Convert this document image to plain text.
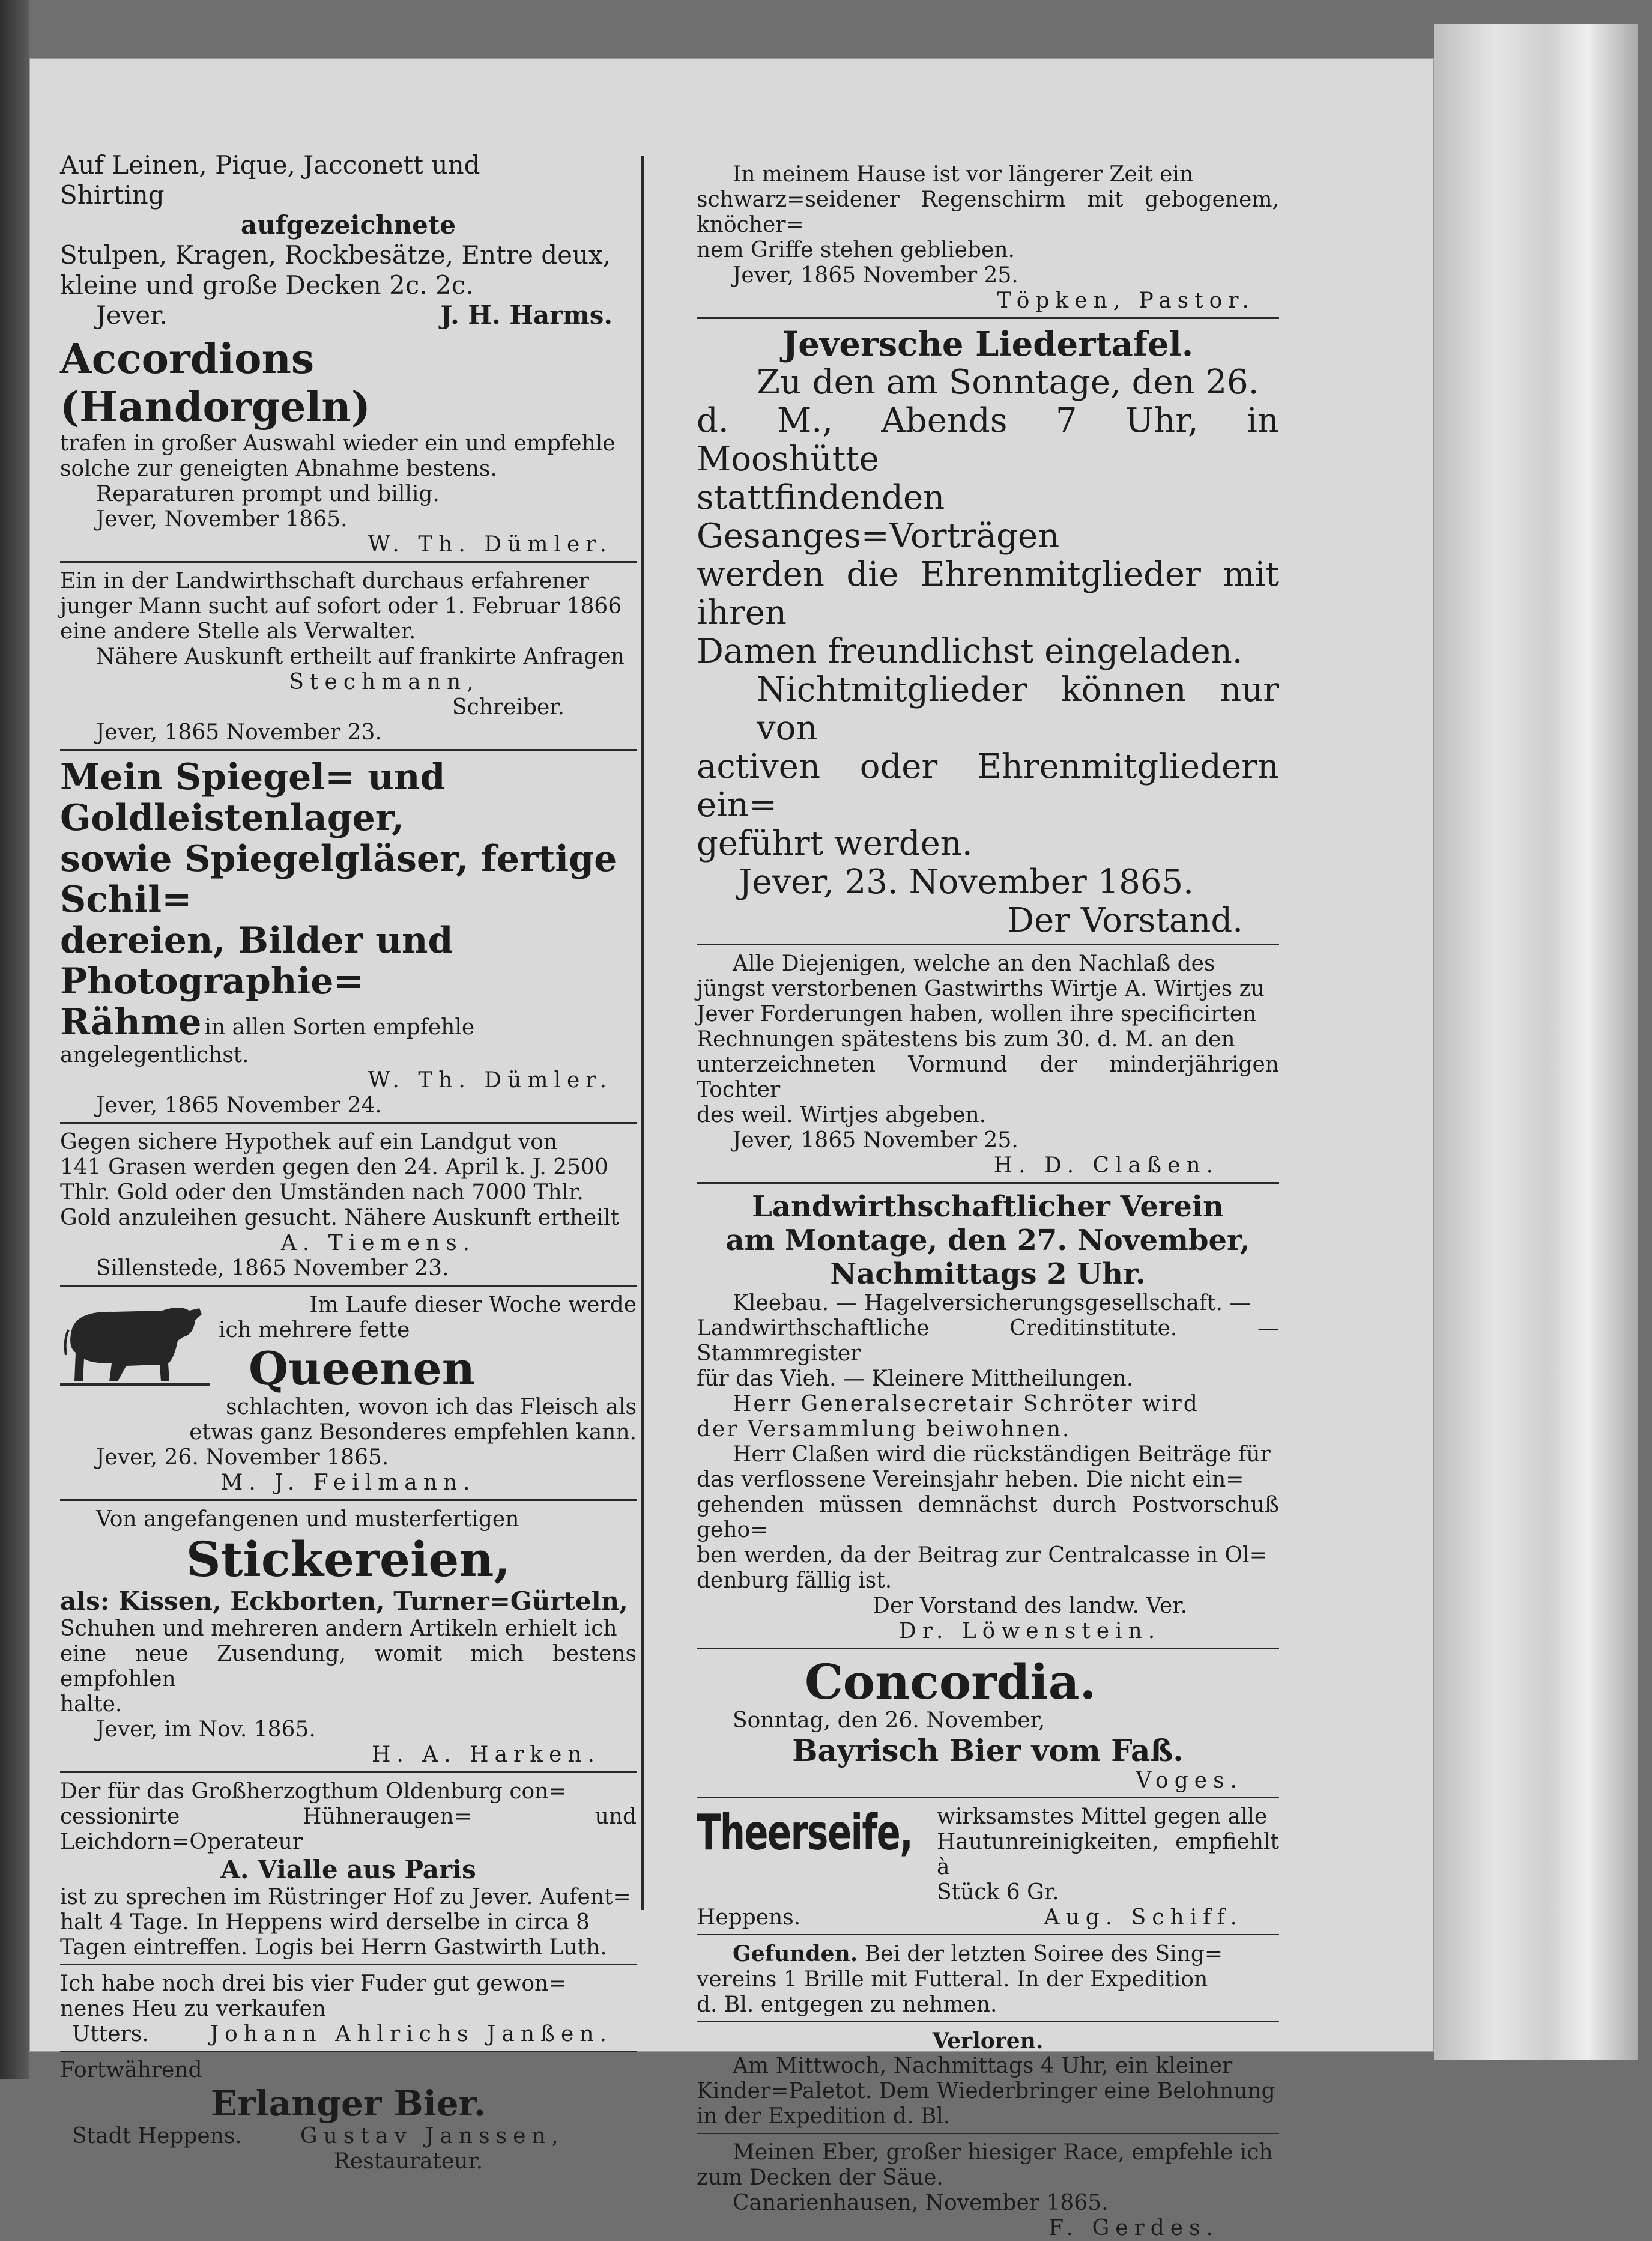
Auf Leinen, Pique, Jacconett und

Shirting

aufgezeichnete

Stulpen, Kragen, Rockbesätze, Entre deux,

kleine und große Decken 2c. 2c.

Jever.	J. H. Harms.

Accordions (Handorgeln)

trafen in großer Auswahl wieder ein und empfehle

solche zur geneigten Abnahme bestens.

Reparaturen prompt und billig.

Jever, November 1865.

W. Th. Dümler.

Ein in der Landwirthschaft durchaus erfahrener

junger Mann sucht auf sofort oder 1. Februar 1866

eine andere Stelle als Verwalter.

Nähere Auskunft ertheilt auf frankirte Anfragen

Stechmann,

Schreiber.

Jever, 1865 November 23.

Mein Spiegel= und Goldleistenlager,

sowie Spiegelgläser, fertige Schil=

dereien, Bilder und Photographie=

Rähme in allen Sorten empfehle angelegentlichst.

W. Th. Dümler.

Jever, 1865 November 24.

Gegen sichere Hypothek auf ein Landgut von

141 Grasen werden gegen den 24. April k. J. 2500

Thlr. Gold oder den Umständen nach 7000 Thlr.

Gold anzuleihen gesucht. Nähere Auskunft ertheilt

A. Tiemens.

Sillenstede, 1865 November 23.

Im Laufe dieser Woche werde

ich mehrere fette

Queenen

schlachten, wovon ich das Fleisch als

etwas ganz Besonderes empfehlen kann.

Jever, 26. November 1865.

M. J. Feilmann.

Von angefangenen und musterfertigen

Stickereien,

als: Kissen, Eckborten, Turner=Gürteln,

Schuhen und mehreren andern Artikeln erhielt ich

eine neue Zusendung, womit mich bestens empfohlen

halte.

Jever, im Nov. 1865.

H. A. Harken.

Der für das Großherzogthum Oldenburg con=

cessionirte Hühneraugen= und Leichdorn=Operateur

A. Vialle aus Paris

ist zu sprechen im Rüstringer Hof zu Jever. Aufent=

halt 4 Tage. In Heppens wird derselbe in circa 8

Tagen eintreffen. Logis bei Herrn Gastwirth Luth.

Ich habe noch drei bis vier Fuder gut gewon=

nenes Heu zu verkaufen

Utters.	Johann Ahlrichs Janßen.

Fortwährend

Erlanger Bier.

Stadt Heppens.	Gustav Janssen,

Restaurateur.

In meinem Hause ist vor längerer Zeit ein

schwarz=seidener Regenschirm mit gebogenem, knöcher=

nem Griffe stehen geblieben.

Jever, 1865 November 25.

Töpken, Pastor.

Jeversche Liedertafel.

Zu den am Sonntage, den 26.

d. M., Abends 7 Uhr, in Mooshütte

stattfindenden Gesanges=Vorträgen

werden die Ehrenmitglieder mit ihren

Damen freundlichst eingeladen.

Nichtmitglieder können nur von

activen oder Ehrenmitgliedern ein=

geführt werden.

Jever, 23. November 1865.

Der Vorstand.

Alle Diejenigen, welche an den Nachlaß des

jüngst verstorbenen Gastwirths Wirtje A. Wirtjes zu

Jever Forderungen haben, wollen ihre specificirten

Rechnungen spätestens bis zum 30. d. M. an den

unterzeichneten Vormund der minderjährigen Tochter

des weil. Wirtjes abgeben.

Jever, 1865 November 25.

H. D. Claßen.

Landwirthschaftlicher Verein

am Montage, den 27. November,

Nachmittags 2 Uhr.

Kleebau. — Hagelversicherungsgesellschaft. —

Landwirthschaftliche Creditinstitute. — Stammregister

für das Vieh. — Kleinere Mittheilungen.

Herr Generalsecretair Schröter wird

der Versammlung beiwohnen.

Herr Claßen wird die rückständigen Beiträge für

das verflossene Vereinsjahr heben. Die nicht ein=

gehenden müssen demnächst durch Postvorschuß geho=

ben werden, da der Beitrag zur Centralcasse in Ol=

denburg fällig ist.

Der Vorstand des landw. Ver.

Dr. Löwenstein.

Concordia.

Sonntag, den 26. November,

Bayrisch Bier vom Faß.

Voges.

Theerseife,	wirksamstes Mittel gegen alle

Hautunreinigkeiten, empfiehlt à

Stück 6 Gr.

Heppens.	Aug. Schiff.

Gefunden. Bei der letzten Soiree des Sing=

vereins 1 Brille mit Futteral. In der Expedition

d. Bl. entgegen zu nehmen.

Verloren.

Am Mittwoch, Nachmittags 4 Uhr, ein kleiner

Kinder=Paletot. Dem Wiederbringer eine Belohnung

in der Expedition d. Bl.

Meinen Eber, großer hiesiger Race, empfehle ich

zum Decken der Säue.

Canarienhausen, November 1865.

F. Gerdes.
